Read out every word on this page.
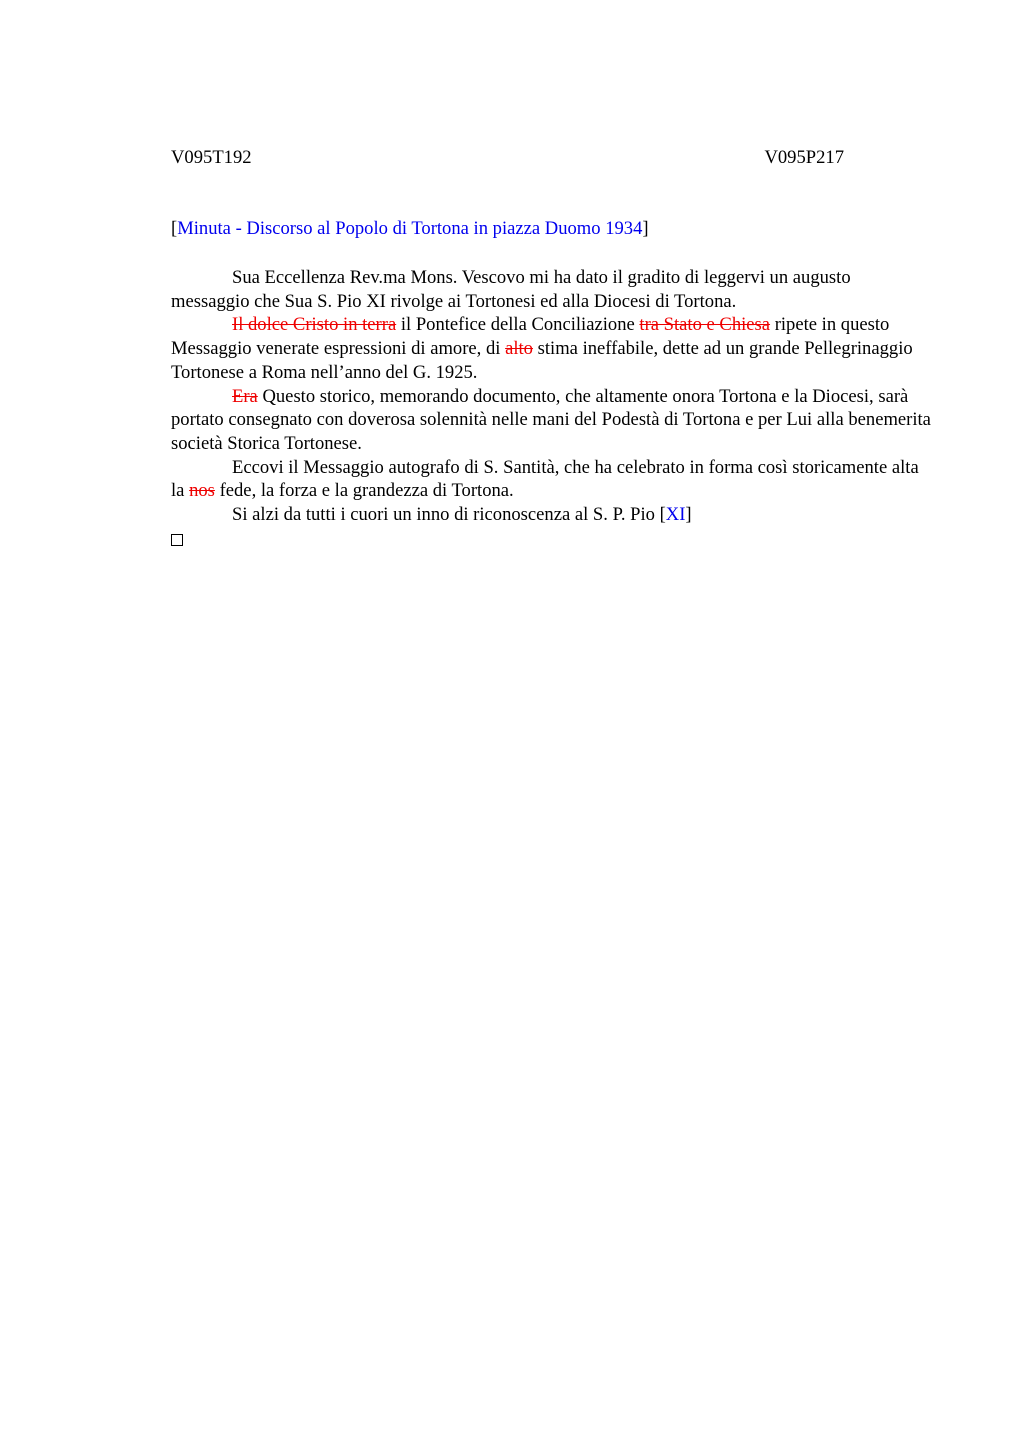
V095T192	V095P217
[Minuta - Discorso al Popolo di Tortona in piazza Duomo 1934]

Sua Eccellenza Rev.ma Mons. Vescovo mi ha dato il gradito di leggervi un augusto messaggio che Sua S. Pio XI rivolge ai Tortonesi ed alla Diocesi di Tortona.

Il dolce Cristo in terra il Pontefice della Conciliazione tra Stato e Chiesa ripete in questo Messaggio venerate espressioni di amore, di alto stima ineffabile, dette ad un grande Pellegrinaggio Tortonese a Roma nell’anno del G. 1925.

Era Questo storico, memorando documento, che altamente onora Tortona e la Diocesi, sarà portato consegnato con doverosa solennità nelle mani del Podestà di Tortona e per Lui alla benemerita società Storica Tortonese.

Eccovi il Messaggio autografo di S. Santità, che ha celebrato in forma così storicamente alta la nos fede, la forza e la grandezza di Tortona.

Si alzi da tutti i cuori un inno di riconoscenza al S. P. Pio [XI]
